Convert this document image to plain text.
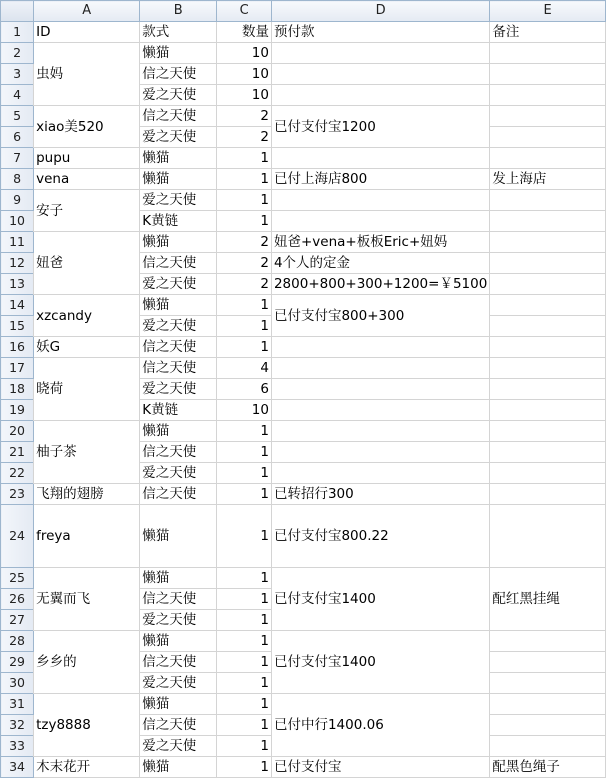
	A	B	C	D	E
1	ID	款式	数量	预付款	备注
2	虫妈	懒猫	10		
3		信之天使	10		
4		爱之天使	10		
5	xiao美520	信之天使	2	已付支付宝1200	
6		爱之天使	2		
7	pupu	懒猫	1		
8	vena	懒猫	1	已付上海店800	发上海店
9	安子	爱之天使	1		
10		K黄链	1		
11	妞爸	懒猫	2	妞爸+vena+板板Eric+妞妈	
12		信之天使	2	4个人的定金	
13		爱之天使	2	2800+800+300+1200=￥5100	
14	xzcandy	懒猫	1	已付支付宝800+300	
15		爱之天使	1		
16	妖G	信之天使	1		
17	晓荷	信之天使	4		
18		爱之天使	6		
19		K黄链	10		
20	柚子茶	懒猫	1		
21		信之天使	1		
22		爱之天使	1		
23	飞翔的翅膀	信之天使	1	已转招行300	
24	freya	懒猫	1	已付支付宝800.22	
25	无翼而飞	懒猫	1	已付支付宝1400	配红黑挂绳
26		信之天使	1		
27		爱之天使	1		
28	乡乡的	懒猫	1	已付支付宝1400	
29		信之天使	1		
30		爱之天使	1		
31	tzy8888	懒猫	1	已付中行1400.06	
32		信之天使	1		
33		爱之天使	1		
34	木末花开	懒猫	1	已付支付宝	配黑色绳子
